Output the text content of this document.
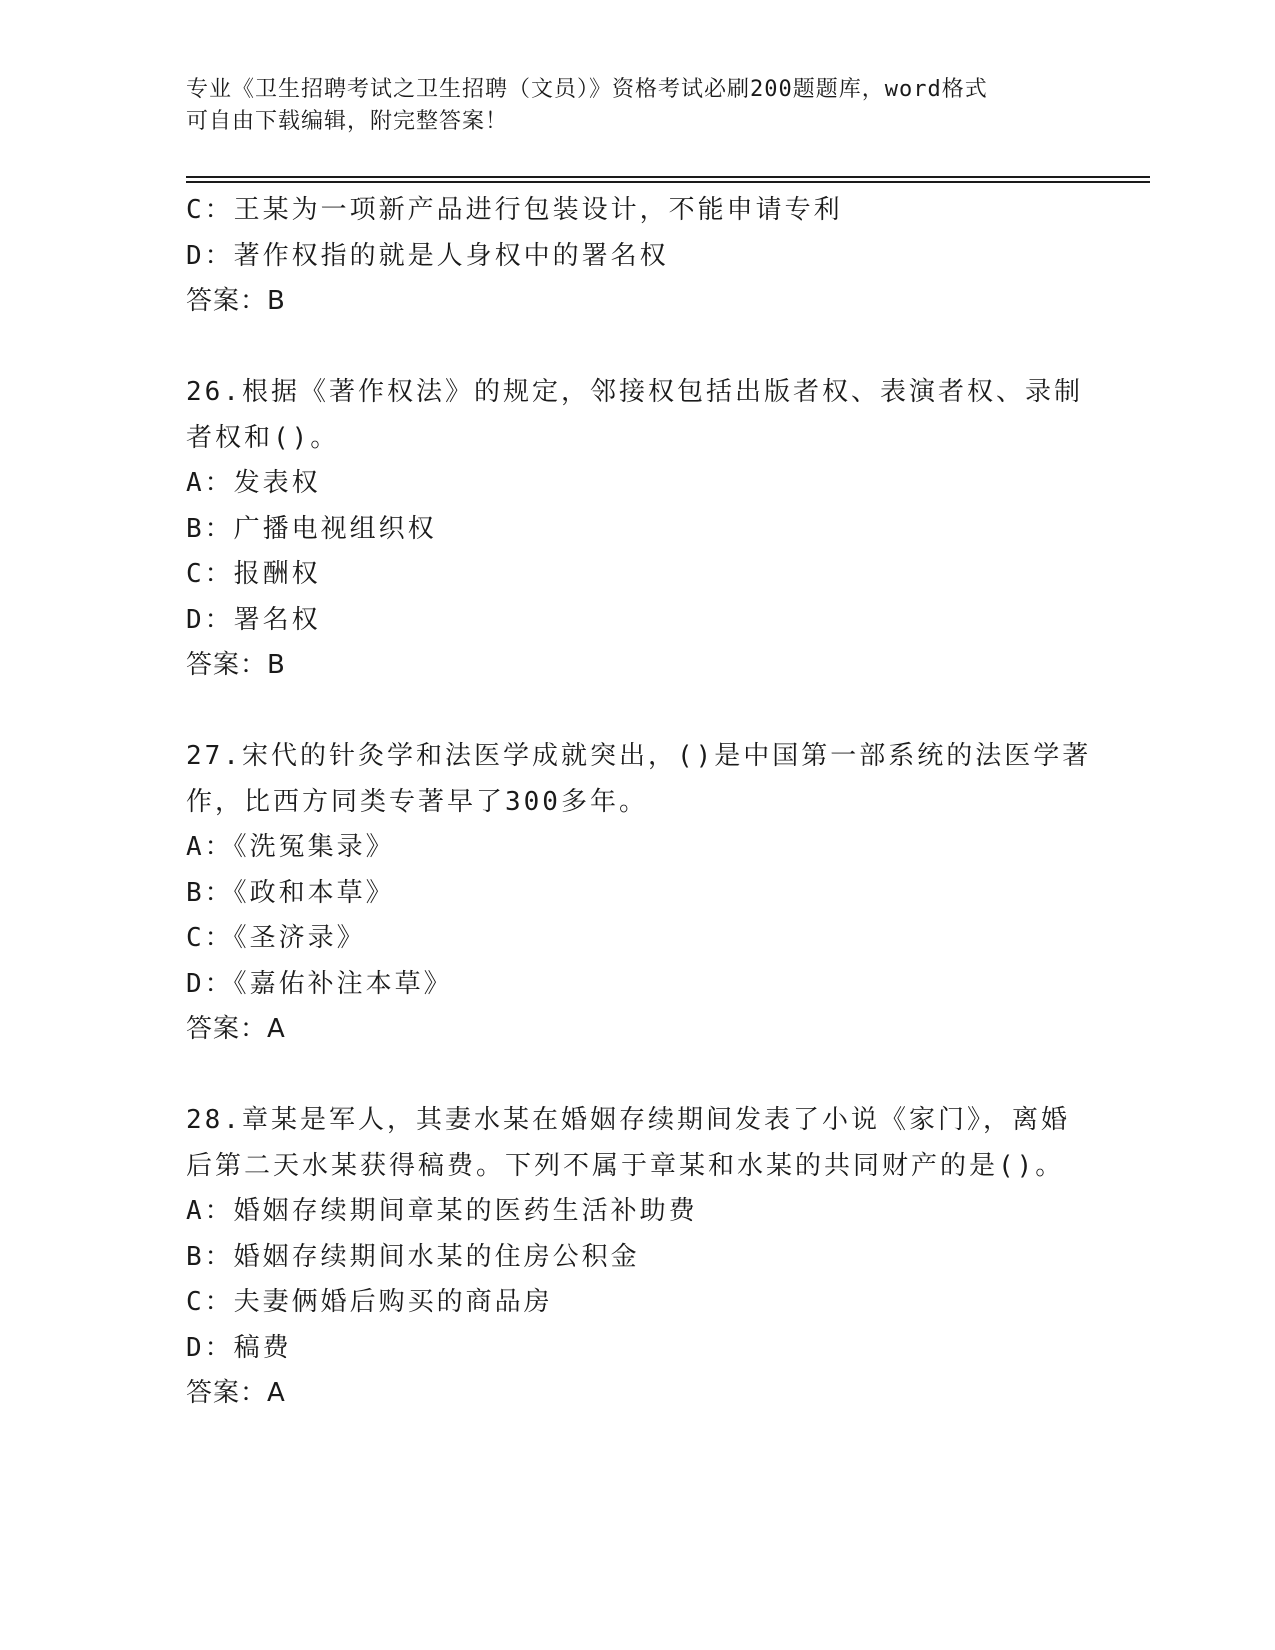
专业《卫生招聘考试之卫生招聘（文员）》资格考试必刷200题题库，word格式
可自由下载编辑，附完整答案！
C：王某为一项新产品进行包装设计，不能申请专利
D：著作权指的就是人身权中的署名权
答案：B
26.根据《著作权法》的规定，邻接权包括出版者权、表演者权、录制
者权和()。
A：发表权
B：广播电视组织权
C：报酬权
D：署名权
答案：B
27.宋代的针灸学和法医学成就突出，()是中国第一部系统的法医学著
作，比西方同类专著早了300多年。
A：《洗冤集录》
B：《政和本草》
C：《圣济录》
D：《嘉佑补注本草》
答案：A
28.章某是军人，其妻水某在婚姻存续期间发表了小说《家门》，离婚
后第二天水某获得稿费。下列不属于章某和水某的共同财产的是()。
A：婚姻存续期间章某的医药生活补助费
B：婚姻存续期间水某的住房公积金
C：夫妻俩婚后购买的商品房
D：稿费
答案：A
